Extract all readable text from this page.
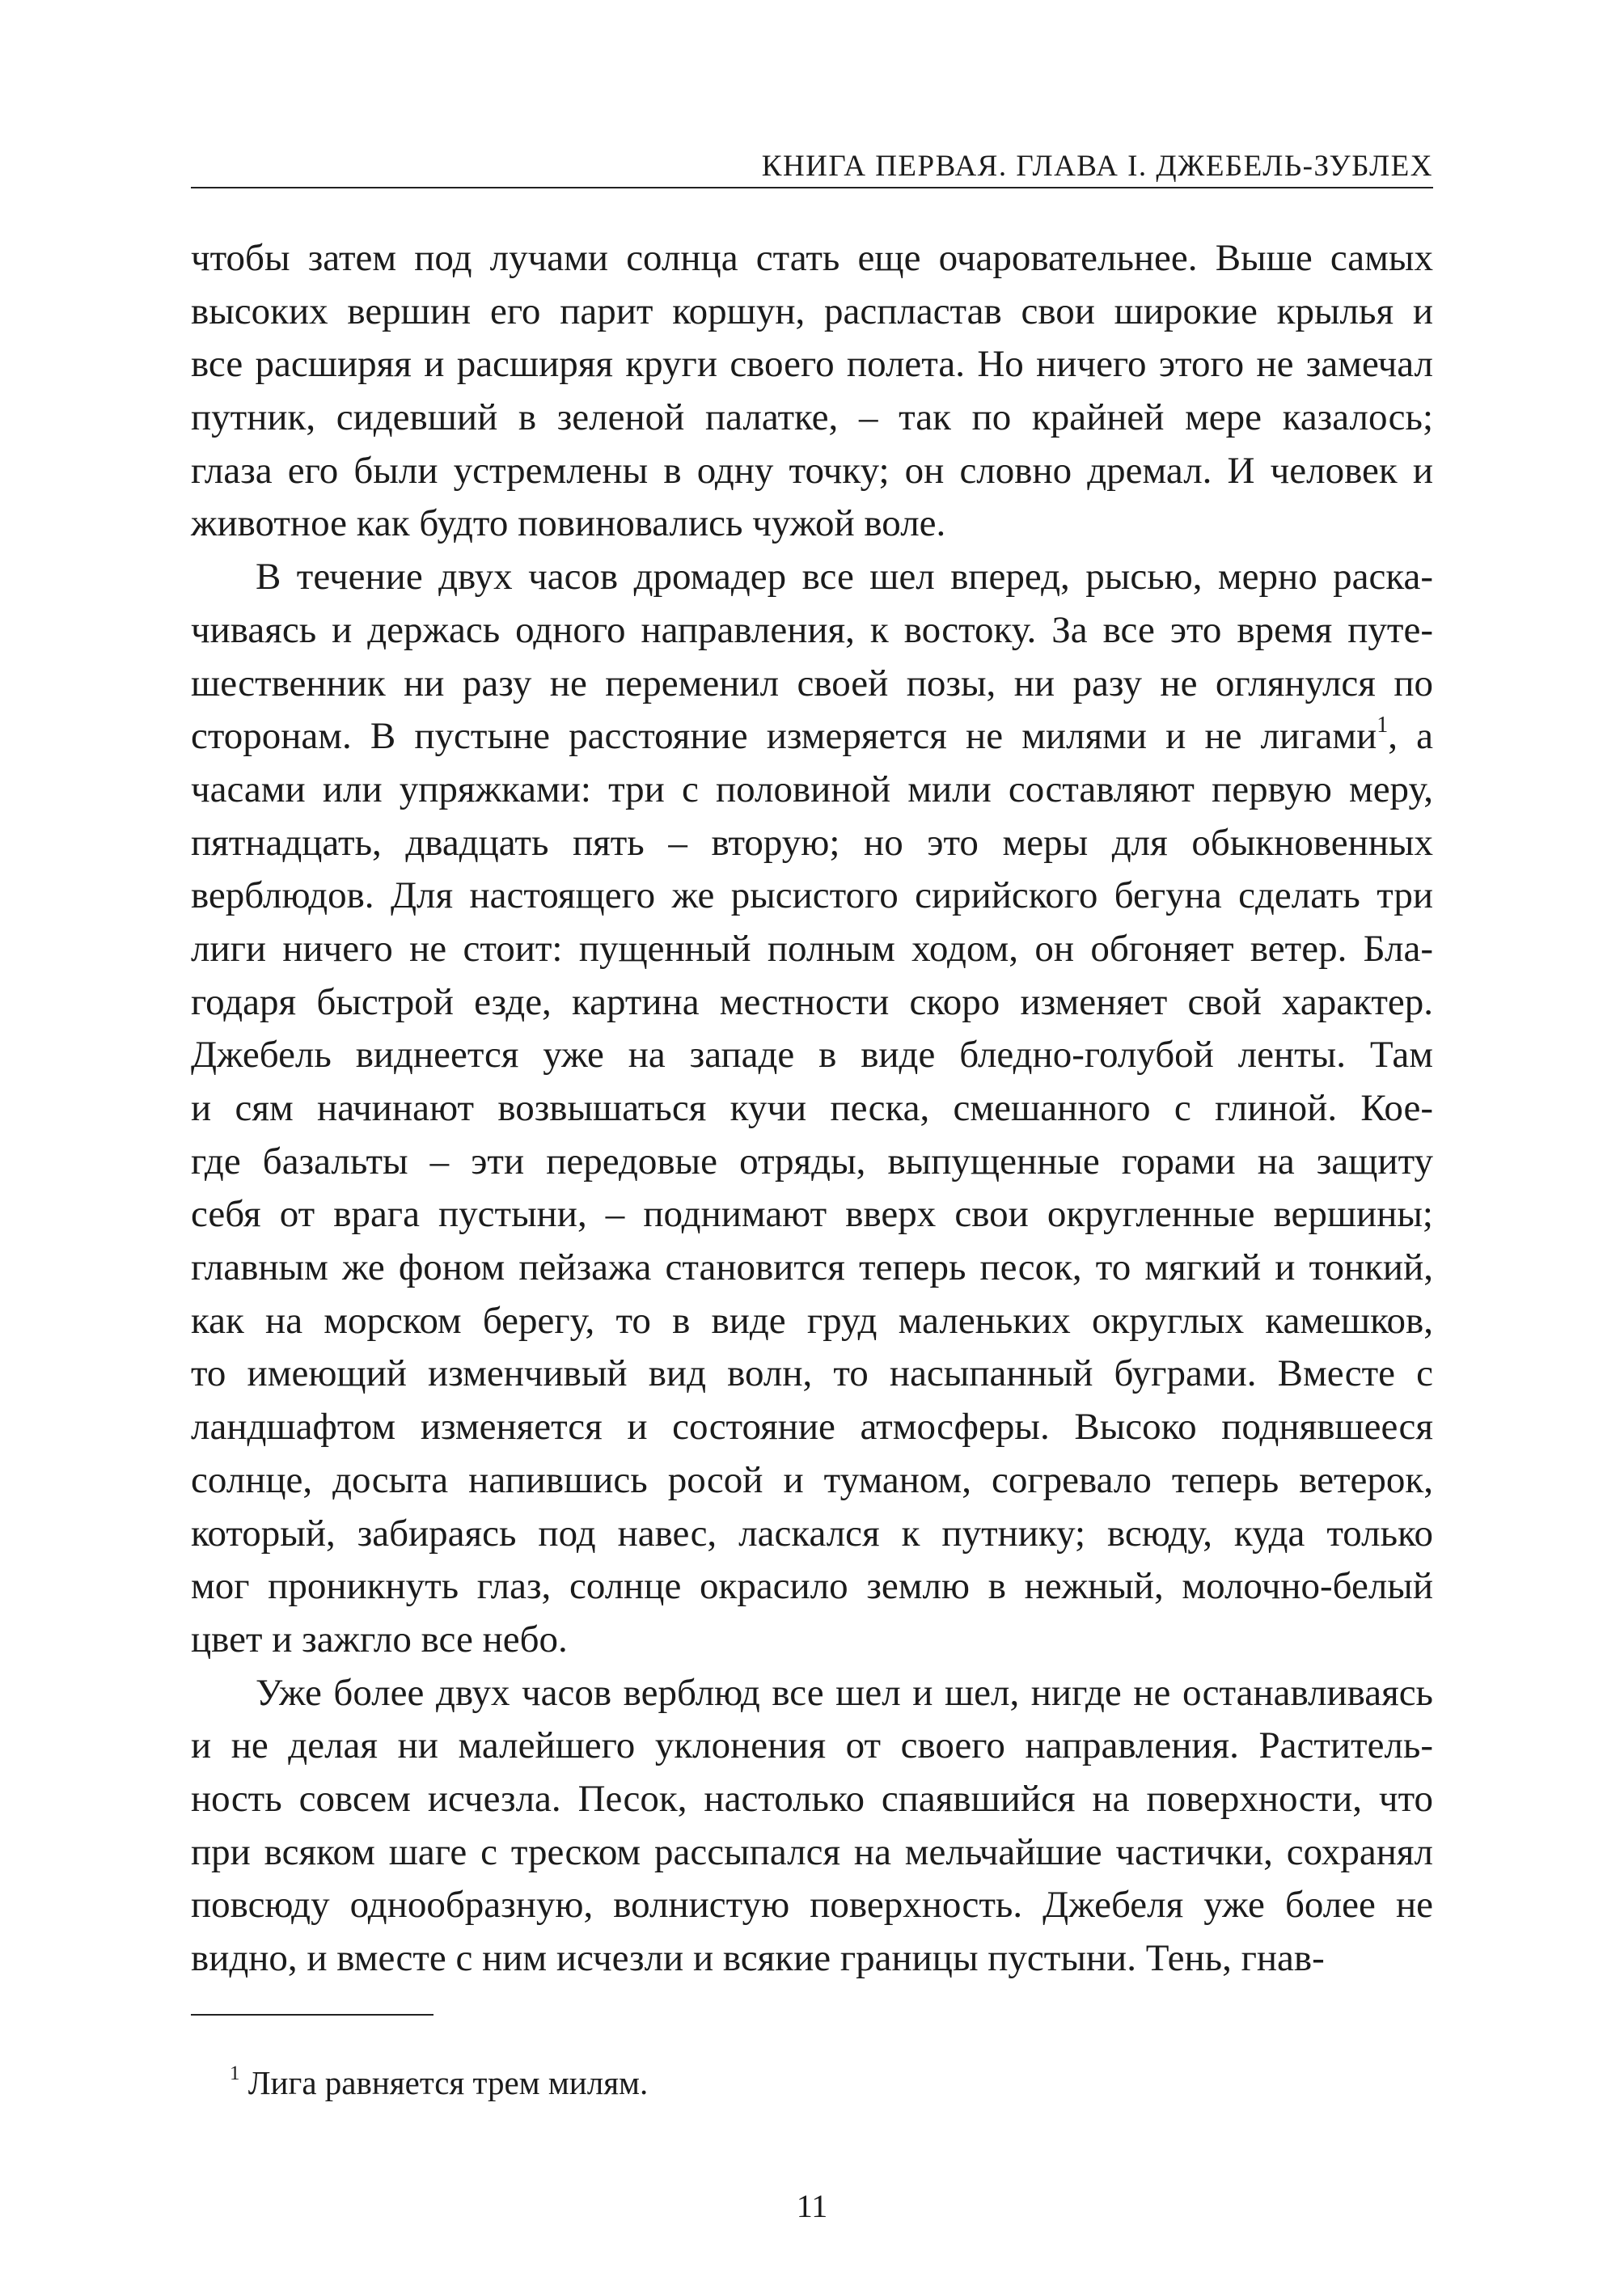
КНИГА ПЕРВАЯ. ГЛАВА I. ДЖЕБЕЛЬ-ЗУБЛЕХ
чтобы затем под лучами солнца стать еще очаровательнее. Выше самых
высоких вершин его парит коршун, распластав свои широкие крылья и
все расширяя и расширяя круги своего полета. Но ничего этого не замечал
путник, сидевший в зеленой палатке, – так по крайней мере казалось;
глаза его были устремлены в одну точку; он словно дремал. И человек и
животное как будто повиновались чужой воле.
В течение двух часов дромадер все шел вперед, рысью, мерно раска-
чиваясь и держась одного направления, к востоку. За все это время путе-
шественник ни разу не переменил своей позы, ни разу не оглянулся по
сторонам. В пустыне расстояние измеряется не милями и не лигами$^1$, а
часами или упряжками: три с половиной мили составляют первую меру,
пятнадцать, двадцать пять – вторую; но это меры для обыкновенных
верблюдов. Для настоящего же рысистого сирийского бегуна сделать три
лиги ничего не стоит: пущенный полным ходом, он обгоняет ветер. Бла-
годаря быстрой езде, картина местности скоро изменяет свой характер.
Джебель виднеется уже на западе в виде бледно-голубой ленты. Там
и сям начинают возвышаться кучи песка, смешанного с глиной. Кое-
где базальты – эти передовые отряды, выпущенные горами на защиту
себя от врага пустыни, – поднимают вверх свои округленные вершины;
главным же фоном пейзажа становится теперь песок, то мягкий и тонкий,
как на морском берегу, то в виде груд маленьких округлых камешков,
то имеющий изменчивый вид волн, то насыпанный буграми. Вместе с
ландшафтом изменяется и состояние атмосферы. Высоко поднявшееся
солнце, досыта напившись росой и туманом, согревало теперь ветерок,
который, забираясь под навес, ласкался к путнику; всюду, куда только
мог проникнуть глаз, солнце окрасило землю в нежный, молочно-белый
цвет и зажгло все небо.
Уже более двух часов верблюд все шел и шел, нигде не останавливаясь
и не делая ни малейшего уклонения от своего направления. Раститель-
ность совсем исчезла. Песок, настолько спаявшийся на поверхности, что
при всяком шаге с треском рассыпался на мельчайшие частички, сохранял
повсюду однообразную, волнистую поверхность. Джебеля уже более не
видно, и вместе с ним исчезли и всякие границы пустыни. Тень, гнав-
$^1$ Лига равняется трем милям.
11
